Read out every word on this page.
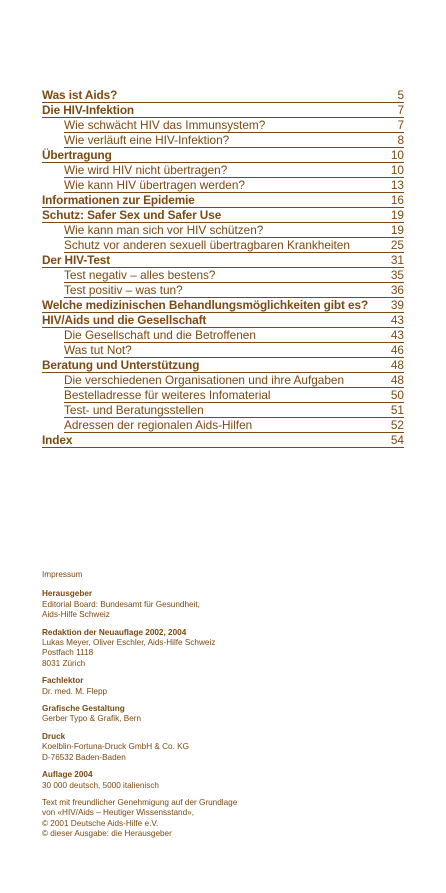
Was ist Aids?	5
Die HIV-Infektion	7
Wie schwächt HIV das Immunsystem?	7
Wie verläuft eine HIV-Infektion?	8
Übertragung	10
Wie wird HIV nicht übertragen?	10
Wie kann HIV übertragen werden?	13
Informationen zur Epidemie	16
Schutz: Safer Sex und Safer Use	19
Wie kann man sich vor HIV schützen?	19
Schutz vor anderen sexuell übertragbaren Krankheiten	25
Der HIV-Test	31
Test negativ – alles bestens?	35
Test positiv – was tun?	36
Welche medizinischen Behandlungsmöglichkeiten gibt es? 39
HIV/Aids und die Gesellschaft	43
Die Gesellschaft und die Betroffenen	43
Was tut Not?	46
Beratung und Unterstützung	48
Die verschiedenen Organisationen und ihre Aufgaben	48
Bestelladresse für weiteres Infomaterial	50
Test- und Beratungsstellen	51
Adressen der regionalen Aids-Hilfen	52
Index	54
Impressum
Herausgeber
Editorial Board: Bundesamt für Gesundheit,
Aids-Hilfe Schweiz
Redaktion der Neuauflage 2002, 2004
Lukas Meyer, Oliver Eschler, Aids-Hilfe Schweiz
Postfach 1118
8031 Zürich
Fachlektor
Dr. med. M. Flepp
Grafische Gestaltung
Gerber Typo & Grafik, Bern
Druck
Koelblin-Fortuna-Druck GmbH & Co. KG
D-76532 Baden-Baden
Auflage 2004
30 000 deutsch, 5000 italienisch
Text mit freundlicher Genehmigung auf der Grundlage
von «HIV/Aids – Heutiger Wissensstand»,
© 2001 Deutsche Aids-Hilfe e.V.
© dieser Ausgabe: die Herausgeber
